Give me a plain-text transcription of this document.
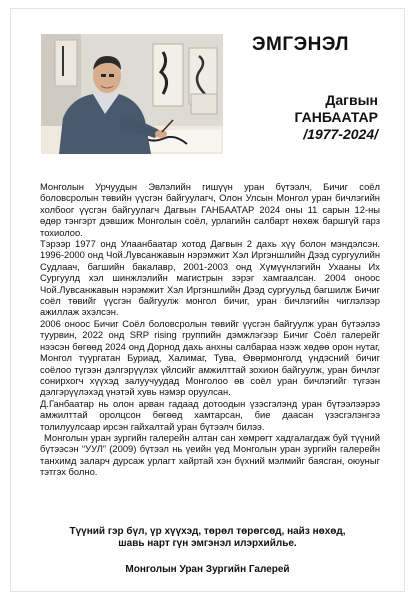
ЭМГЭНЭЛ
Дагвын
ГАНБААТАР
/1977-2024/

Монголын Урчуудын Эвлэлийн гишүүн уран бүтээлч, Бичиг соёл боловсролын төвийн үүсгэн байгуулагч, Олон Улсын Монгол уран бичлэгийн холбоог үүсгэн байгуулагч Дагвын ГАНБААТАР 2024 оны 11 сарын 12-ны өдөр тэнгэрт дэвшиж Монголын соёл, урлагийн салбарт нөхөж баршгүй гарз тохиолоо.

Тэрээр 1977 онд Улаанбаатар хотод Дагвын 2 дахь хүү болон мэндэлсэн. 1996-2000 онд Чой.Лувсанжавын нэрэмжит Хэл Иргэншлийн Дээд сургуулийн Судлаач, багшийн бакалавр, 2001-2003 онд Хүмүүнлэгийн Ухааны Их Сургуулд хэл шинжлэлийн магистрын зэрэг хамгаалсан. 2004 оноос Чой.Лувсанжавын нэрэмжит Хэл Иргэншлийн Дээд сургуульд багшилж Бичиг соёл төвийг үүсгэн байгуулж монгол бичиг, уран бичлэгийн чиглэлээр ажиллаж эхэлсэн.

2006 оноос Бичиг Соёл боловсролын төвийг үүсгэн байгуулж уран бүтээлээ туурвин, 2022 онд SRP rising группийн дэмжлэгээр Бичиг Соёл галерейг нээсэн бөгөөд 2024 онд Дорнод дахь анхны салбараа нээж хөдөө орон нутаг, Монгол түургатан Буриад, Халимаг, Тува, Өвөрмонголд үндэсний бичиг соёлоо түгээн дэлгэрүүлэх үйлсийг амжилттай зохион байгуулж, уран бичлэг сонирхогч хүүхэд залуучуудад Монголоо өв соёл уран бичлэгийг түгээн дэлгэрүүлэхэд үнэтэй хувь нэмэр оруулсан.

Д.Ганбаатар нь олон арван гадаад дотоодын үзэсгэлэнд уран бүтээлээрээ амжилттай оролцсон бөгөөд хамтарсан, бие даасан үзэсгэлэнгээ толилуулсаар ирсэн гайхалтай уран бүтээлч билээ.

Монголын уран зургийн галерейн алтан сан хөмрөгт хадгалагдаж буй түүний бүтээсэн “УУЛ” (2009) бүтээл нь үеийн үед Монголын уран зургийн галерейн танхимд заларч дурсаж урлагт хайртай хэн бүхний мэлмийг баясган, оюуныг тэтгэх болно.

Түүний гэр бүл, үр хүүхэд, төрөл төрөгсөд, найз нөхөд,
шавь нарт гүн эмгэнэл илэрхийлье.
Монголын Уран Зургийн Галерей
